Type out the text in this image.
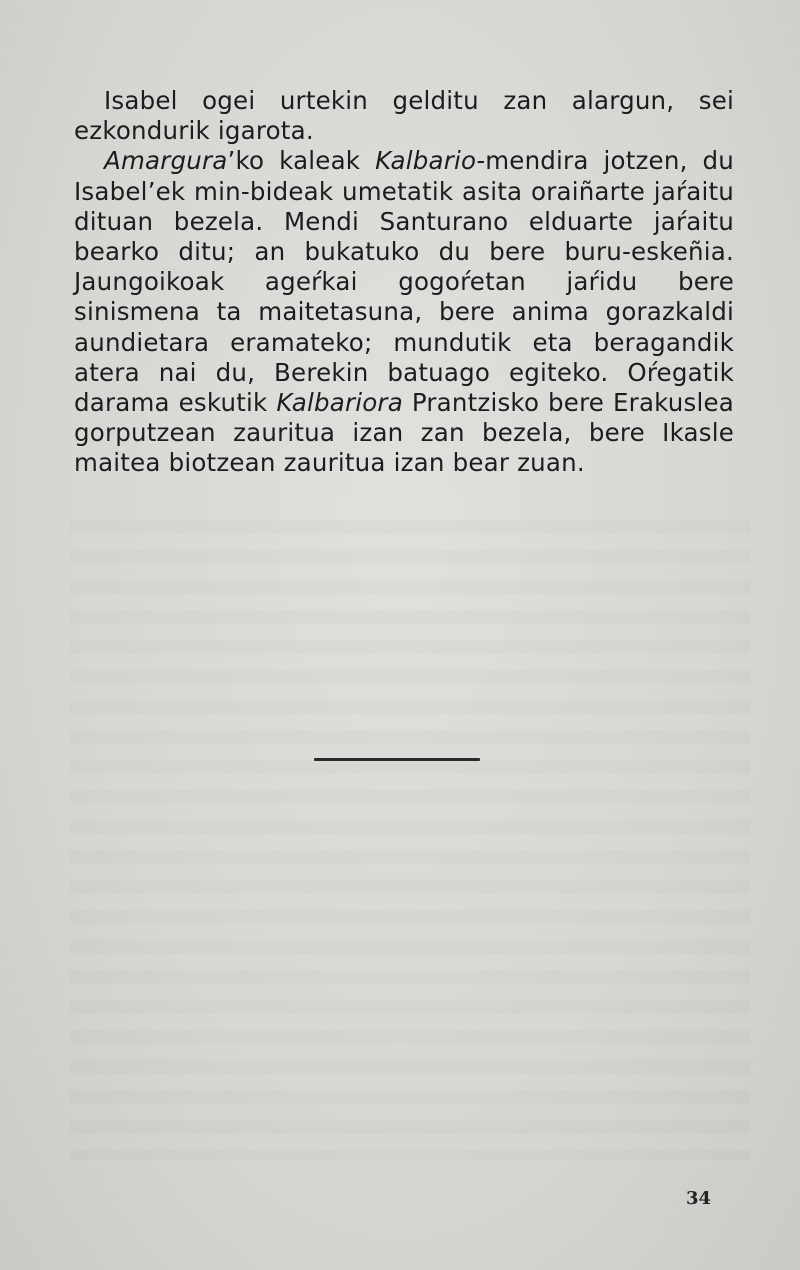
Isabel ogei urtekin gelditu zan alargun, sei ezkondurik igarota.

Amargura’ko kaleak Kalbario-mendira jotzen, du Isabel’ek min-bideak umetatik asita oraiñarte jaŕaitu dituan bezela. Mendi Santurano elduarte jaŕaitu bearko ditu; an bukatuko du bere buru-eskeñia. Jaungoikoak ageŕkai gogoŕetan jaŕidu bere sinismena ta maitetasuna, bere anima gorazkaldi aundietara eramateko; mundutik eta beragandik atera nai du, Berekin batuago egiteko. Oŕegatik darama eskutik Kalbariora Prantzisko bere Erakuslea gorputzean zauritua izan zan bezela, bere Ikasle maitea biotzean zauritua izan bear zuan.

34
